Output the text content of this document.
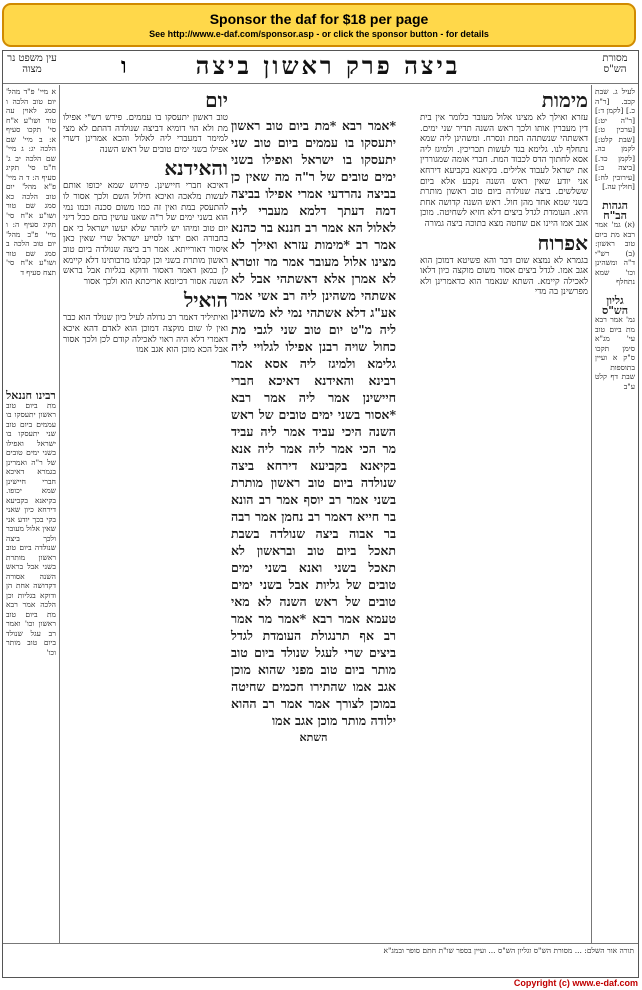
Sponsor the daf for $18 per page
See http://www.e-daf.com/sponsor.asp - or click the sponsor button - for details
מסורת הש"ס
ביצה פרק ראשון ביצה
ו
עין משפט נר מצוה
לעיל ג. שבת קכב. [ר"ה כ.] [לקמן ד:] [ר"ה יט:] [ערכין ט:] [שבת קלט:] לקמן כה. [לקמן כד.] [ביצה ב:] [עירובין לח:] [חולין עה.]

הגהות הב"ח
(א) גמ' אמר רבא מת ביום טוב ראשון: (ב) רש"י ד"ה ומשהינן וכו' שמא נתחלף

גליון הש"ס
גמ' אמר רבא מת ביום טוב עי' מג"א סימן תקכו ס"ק א ועיין בתוספות שבת דף קלט ע"ב
מימות
עזרא ואילך לא מצינו אלול מעובר כלומר אין בית דין מעברין אותו ולכך ראש השנה תדיר שני ימים. דאשתהי שנשתהה המת ונסרח. ומשהינן ליה שמא נתחלף לנו. גלימא בגד לעשות תכריכין. ולמיגז ליה אסא לחתוך הדס לכבוד המת. חברי אומה שמגוררין את ישראל לעבוד אלילים. בקיאנא בקביעא דירחא אני יודע שאין ראש השנה נקבע אלא ביום ששלשים. ביצה שנולדה ביום טוב ראשון מותרת בשני שמא אחד מהן חול. ראש השנה קדושה אחת היא. העומדת לגדל ביצים דלא חזיא לשחיטה. מוכן אגב אמו היינו אם שחטה מצא בתוכה ביצה גמורה
אפרוח
בגמרא לא נמצא שום דבר והא פשיטא דמוכן הוא אגב אמו. לגדל ביצים אסור משום מוקצה כיון דלאו לאכילה קיימא. השתא שנאמר הוא כדאמרינן ולא מפרשינן בה מדי
*אמר רבא *מת ביום טוב ראשון יתעסקו בו עממים ביום טוב שני יתעסקו בו ישראל ואפילו בשני ימים טובים של ר"ה מה שאין כן בביצה נהרדעי אמרי אפילו בביצה דמה דעתך דלמא מעברי ליה לאלול הא אמר רב חננא בר כהנא אמר רב *מימות עזרא ואילך לא מצינו אלול מעובר אמר מר זוטרא לא אמרן אלא דאשתהי אבל לא אשתהי משהינן ליה רב אשי אמר אע"ג דלא אשתהי נמי לא משהינן ליה מ"ט יום טוב שני לגבי מת כחול שויה רבנן אפילו לגלויי ליה גלימא ולמיגז ליה אסא אמר רבינא והאידנא דאיכא חברי חיישינן אמר ליה אמר רבא *אסור בשני ימים טובים של ראש השנה היכי עביד אמר ליה עביד מר הכי אמר ליה אמר ליה אנא בקיאנא בקביעא דירחא ביצה שנולדה ביום טוב ראשון מותרת בשני אמר רב יוסף אמר רב הונא בר חייא דאמר רב נחמן אמר רבה בר אבוה ביצה שנולדה בשבת תאכל ביום טוב ובראשון לא תאכל בשני ואנא בשני ימים טובים של גליות אבל בשני ימים טובים של ראש השנה לא מאי טעמא אמר רבא *אמר מר אמר רב אף תרנגולת העומדת לגדל ביצים שרי לעגל שנולד ביום טוב מותר ביום טוב מפני שהוא מוכן אגב אמו שהתירו חכמים שחיטה במוכן לצורך אמר אמר רב ההוא ילודה מותר מוכן אגב אמו
השתא
יום
טוב ראשון יתעסקו בו עממים. פירש רש"י אפילו מת ולא הוי דומיא דביצה שנולדה דהתם לא מצי למימר דמעברי ליה לאלול והכא אמרינן דשרי אפילו בשני ימים טובים של ראש השנה
והאידנא
דאיכא חברי חיישינן. פירוש שמא יכופו אותם לעשות מלאכה ואיכא חילול השם ולכך אסור לו להתעסק במת ואין זה כמו משום סכנה וכמו נמי הוא בשני ימים של ר"ה שאנו עושין בהם ככל דיני יום טוב ומיהו יש ליזהר שלא יעשו ישראל כי אם בחבורה ואם ירצו לסייע ישראל שרי שאין כאן איסור דאורייתא. אמר רב ביצה שנולדה ביום טוב ראשון מותרת בשני וכן קבלנו מרבותינו דלא קיימא לן כמאן דאמר דאסור ודוקא בגליות אבל בראש השנה אסור דכיומא אריכתא הוא ולכך אסור
הואיל
ואיתיליד דאמר רב גדולה לעיל כיון שנולד הוא כבר ואין לו שום מוקצה דמוכן הוא לאדם דהא איכא דאמרי דלא היה ראוי לאכילה קודם לכן ולכך אסור אבל הכא מוכן הוא אגב אמו
א מיי' פ"ד מהל' יום טוב הלכה ו סמג לאוין עה טור ושו"ע א"ח סי' תקכו סעיף א: ב מיי' שם הלכה יג: ג מיי' שם הלכה יב ג' ח"מ סי' תקיג סעיף ה: ד ה מיי' פ"א מהל' יום טוב הלכה כא סמג שם טור ושו"ע א"ח סי' תקיג סעיף ה: ו מיי' פ"ב מהל' יום טוב הלכה ב סמג שם טור ושו"ע א"ח סי' תצח סעיף ד
רבינו חננאל
מת ביום טוב ראשון יתעסקו בו עממים ביום טוב שני יתעסקו בו ישראל ואפילו בשני ימים טובים של ר"ה ואמרינן בגמרא דאיכא חברי חיישינן שמא יכופו. בקיאנא בקביעא דירחא כיון שאני בקי בכך יודע אני שאין אלול מעובר ולכך ביצה שנולדה ביום טוב ראשון מותרת בשני אבל בראש השנה אסורה דקדושה אחת הן ודוקא בגליות וכן הלכה אמר רבא מת ביום טוב ראשון וכו' ואמר רב עגל שנולד ביום טוב מותר וכו'
תורה אור השלם: ... מסורת הש"ס וגליון הש"ס ... ועיין בספר שו"ת חתם סופר ובמג"א
Copyright (c) www.e-daf.com
